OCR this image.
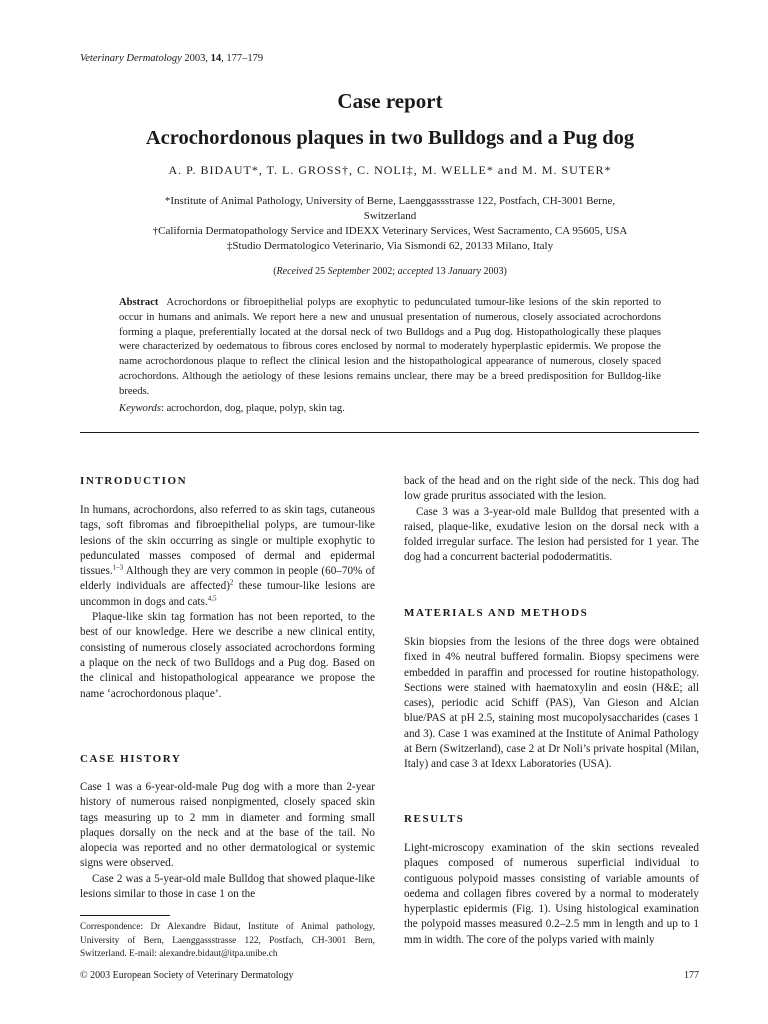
Veterinary Dermatology 2003, 14, 177–179
Case report
Acrochordonous plaques in two Bulldogs and a Pug dog
A. P. BIDAUT*, T. L. GROSS†, C. NOLI‡, M. WELLE* and M. M. SUTER*
*Institute of Animal Pathology, University of Berne, Laenggassstrasse 122, Postfach, CH-3001 Berne,
Switzerland
†California Dermatopathology Service and IDEXX Veterinary Services, West Sacramento, CA 95605, USA
‡Studio Dermatologico Veterinario, Via Sismondi 62, 20133 Milano, Italy
(Received 25 September 2002; accepted 13 January 2003)
Abstract Acrochordons or fibroepithelial polyps are exophytic to pedunculated tumour-like lesions of the skin reported to occur in humans and animals. We report here a new and unusual presentation of numerous, closely associated acrochordons forming a plaque, preferentially located at the dorsal neck of two Bulldogs and a Pug dog. Histopathologically these plaques were characterized by oedematous to fibrous cores enclosed by normal to moderately hyperplastic epidermis. We propose the name acrochordonous plaque to reflect the clinical lesion and the histopathological appearance of numerous, closely spaced acrochordons. Although the aetiology of these lesions remains unclear, there may be a breed predisposition for Bulldog-like breeds.
Keywords: acrochordon, dog, plaque, polyp, skin tag.
INTRODUCTION

In humans, acrochordons, also referred to as skin tags, cutaneous tags, soft fibromas and fibroepithelial polyps, are tumour-like lesions of the skin occurring as single or multiple exophytic to pedunculated masses composed of dermal and epidermal tissues.$^{1-3}$ Although they are very common in people (60–70% of elderly individuals are affected)$^2$ these tumour-like lesions are uncommon in dogs and cats.$^{4,5}$

Plaque-like skin tag formation has not been reported, to the best of our knowledge. Here we describe a new clinical entity, consisting of numerous closely associated acrochordons forming a plaque on the neck of two Bulldogs and a Pug dog. Based on the clinical and histopathological appearance we propose the name ‘acrochordonous plaque’.

CASE HISTORY

Case 1 was a 6-year-old-male Pug dog with a more than 2-year history of numerous raised nonpigmented, closely spaced skin tags measuring up to 2 mm in diameter and forming small plaques dorsally on the neck and at the base of the tail. No alopecia was reported and no other dermatological or systemic signs were observed.

Case 2 was a 5-year-old male Bulldog that showed plaque-like lesions similar to those in case 1 on the

Correspondence: Dr Alexandre Bidaut, Institute of Animal pathology, University of Bern, Laenggassstrasse 122, Postfach, CH-3001 Bern, Switzerland. E-mail: alexandre.bidaut@itpa.unibe.ch

back of the head and on the right side of the neck. This dog had low grade pruritus associated with the lesion.

Case 3 was a 3-year-old male Bulldog that presented with a raised, plaque-like, exudative lesion on the dorsal neck with a folded irregular surface. The lesion had persisted for 1 year. The dog had a concurrent bacterial pododermatitis.

MATERIALS AND METHODS

Skin biopsies from the lesions of the three dogs were obtained fixed in 4% neutral buffered formalin. Biopsy specimens were embedded in paraffin and processed for routine histopathology. Sections were stained with haematoxylin and eosin (H&E; all cases), periodic acid Schiff (PAS), Van Gieson and Alcian blue/PAS at pH 2.5, staining most mucopolysaccharides (cases 1 and 3). Case 1 was examined at the Institute of Animal Pathology at Bern (Switzerland), case 2 at Dr Noli’s private hospital (Milan, Italy) and case 3 at Idexx Laboratories (USA).

RESULTS

Light-microscopy examination of the skin sections revealed plaques composed of numerous superficial individual to contiguous polypoid masses consisting of variable amounts of oedema and collagen fibres covered by a normal to moderately hyperplastic epidermis (Fig. 1). Using histological examination the polypoid masses measured 0.2–2.5 mm in length and up to 1 mm in width. The core of the polyps varied with mainly

© 2003 European Society of Veterinary Dermatology	177
